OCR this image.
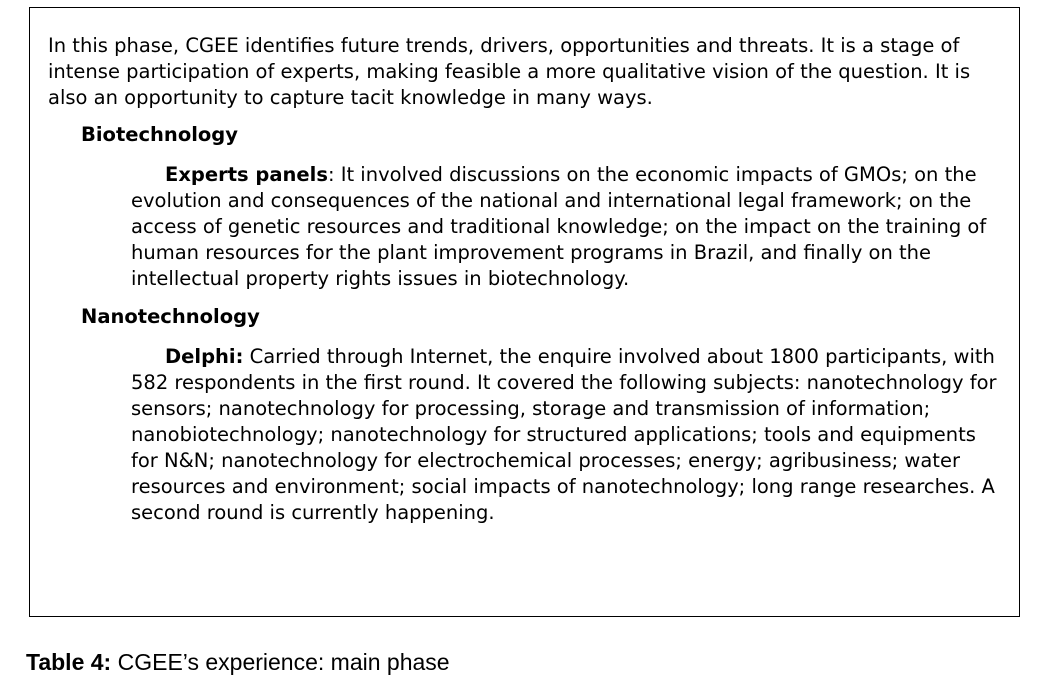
In this phase, CGEE identifies future trends, drivers, opportunities and threats. It is a stage of intense participation of experts, making feasible a more qualitative vision of the question. It is also an opportunity to capture tacit knowledge in many ways.

Biotechnology

Experts panels: It involved discussions on the economic impacts of GMOs; on the evolution and consequences of the national and international legal framework; on the access of genetic resources and traditional knowledge; on the impact on the training of human resources for the plant improvement programs in Brazil, and finally on the intellectual property rights issues in biotechnology.

Nanotechnology

Delphi: Carried through Internet, the enquire involved about 1800 participants, with 582 respondents in the first round. It covered the following subjects: nanotechnology for sensors; nanotechnology for processing, storage and transmission of information; nanobiotechnology; nanotechnology for structured applications; tools and equipments for N&N; nanotechnology for electrochemical processes; energy; agribusiness; water resources and environment; social impacts of nanotechnology; long range researches. A second round is currently happening.

Table 4: CGEE’s experience: main phase
